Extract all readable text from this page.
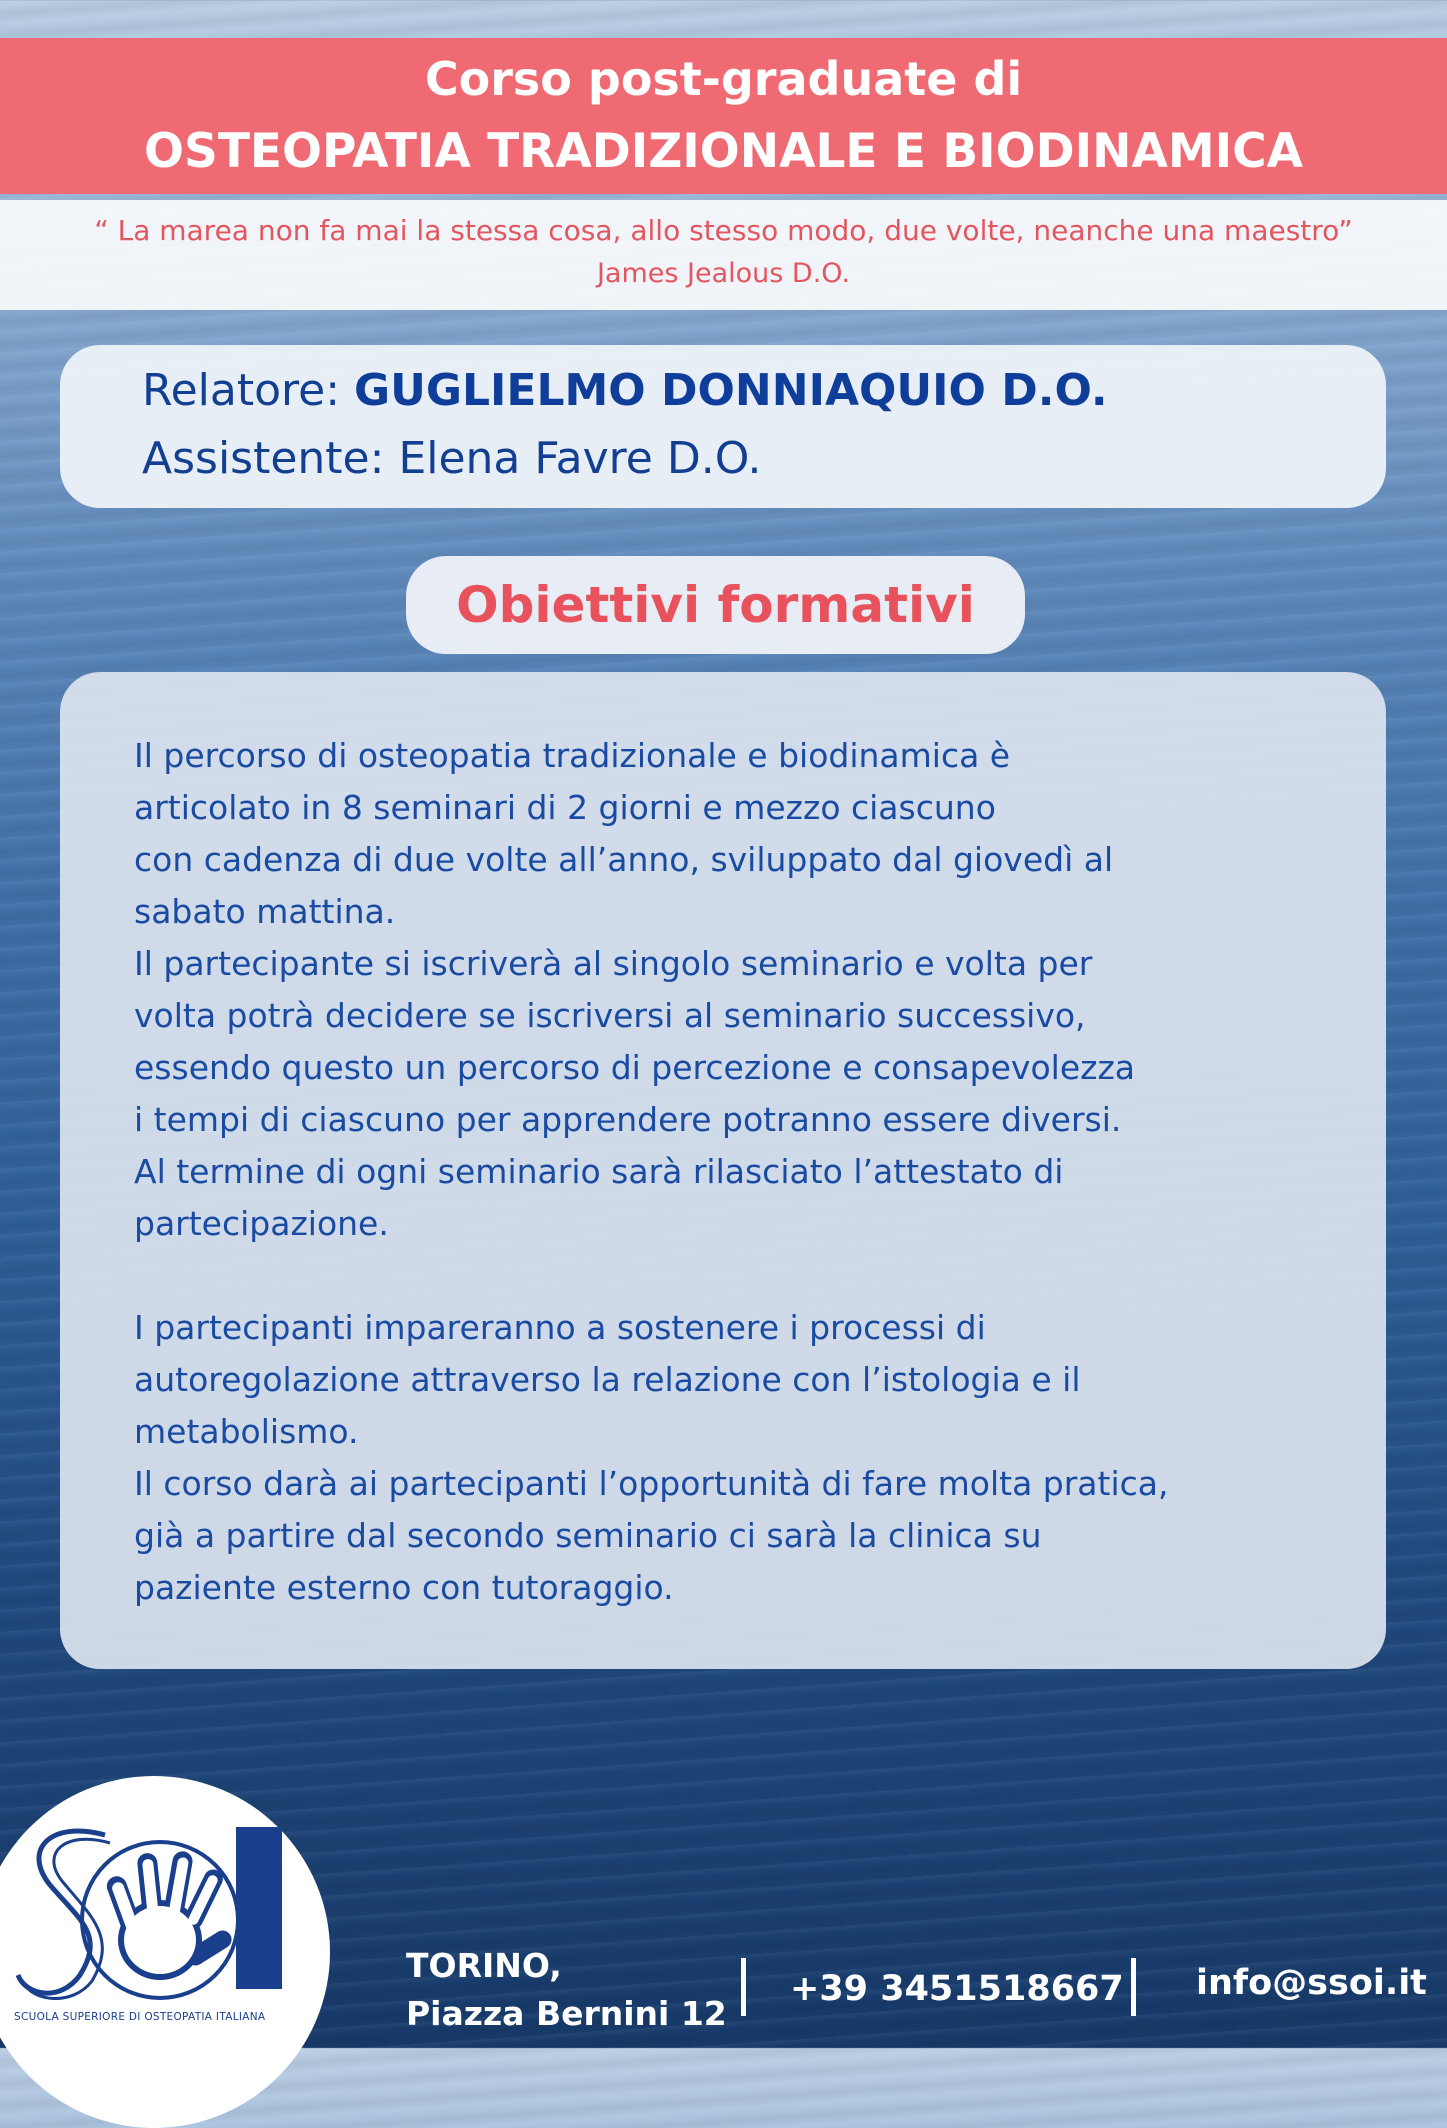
Corso post-graduate di
OSTEOPATIA TRADIZIONALE E BIODINAMICA
“ La marea non fa mai la stessa cosa, allo stesso modo, due volte, neanche una maestro”
James Jealous D.O.
Relatore: GUGLIELMO DONNIAQUIO D.O.
Assistente: Elena Favre D.O.
Obiettivi formativi

Il percorso di osteopatia tradizionale e biodinamica è
articolato in 8 seminari di 2 giorni e mezzo ciascuno
con cadenza di due volte all’anno, sviluppato dal giovedì al
sabato mattina.
Il partecipante si iscriverà al singolo seminario e volta per
volta potrà decidere se iscriversi al seminario successivo,
essendo questo un percorso di percezione e consapevolezza
i tempi di ciascuno per apprendere potranno essere diversi.
Al termine di ogni seminario sarà rilasciato l’attestato di
partecipazione.

I partecipanti impareranno a sostenere i processi di
autoregolazione attraverso la relazione con l’istologia e il
metabolismo.
Il corso darà ai partecipanti l’opportunità di fare molta pratica,
già a partire dal secondo seminario ci sarà la clinica su
paziente esterno con tutoraggio.

SCUOLA SUPERIORE DI OSTEOPATIA ITALIANA
TORINO,
Piazza Bernini 12
+39 3451518667 info@ssoi.it
